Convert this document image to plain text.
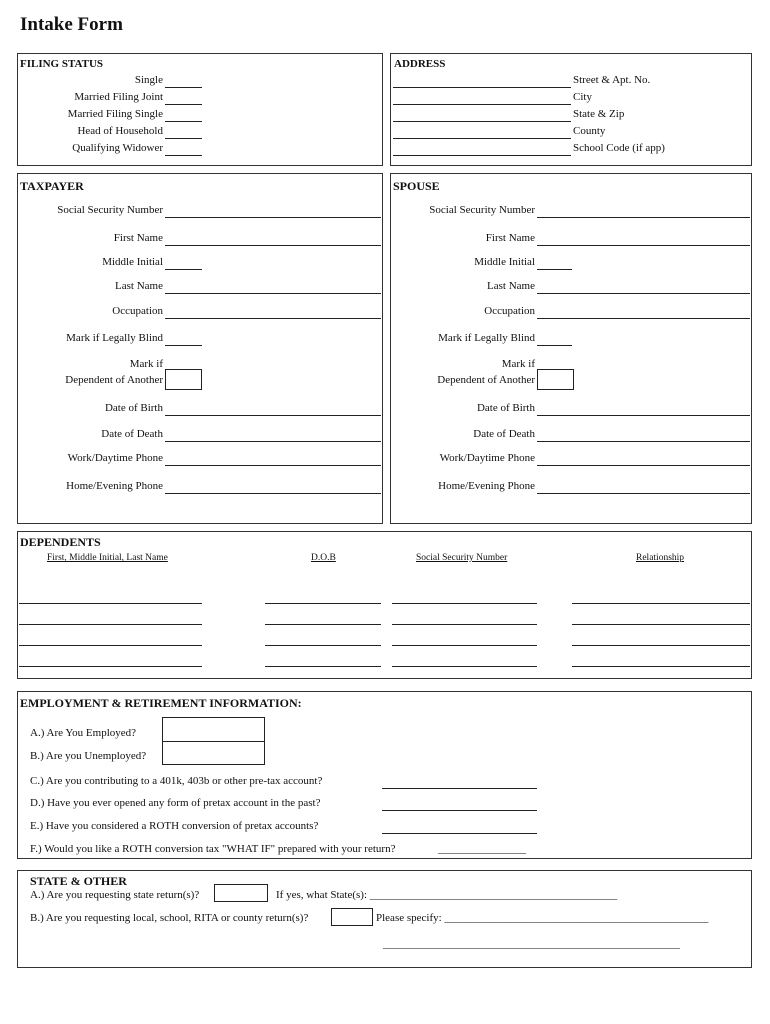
Intake Form
FILING STATUS
Single
Married Filing Joint
Married Filing Single
Head of Household
Qualifying Widower
ADDRESS
Street & Apt. No.
City
State & Zip
County
School Code (if app)
TAXPAYER
Social Security Number
First Name
Middle Initial
Last Name
Occupation
Mark if Legally Blind
Mark if
Dependent of Another
Date of Birth
Date of Death
Work/Daytime Phone
Home/Evening Phone
SPOUSE
Social Security Number
First Name
Middle Initial
Last Name
Occupation
Mark if Legally Blind
Mark if
Dependent of Another
Date of Birth
Date of Death
Work/Daytime Phone
Home/Evening Phone
DEPENDENTS
First, Middle Initial, Last Name	D.O.B	Social Security Number	Relationship
EMPLOYMENT & RETIREMENT INFORMATION:
A.) Are You Employed?
B.) Are you Unemployed?
C.) Are you contributing to a 401k, 403b or other pre-tax account?
D.) Have you ever opened any form of pretax account in the past?
E.) Have you considered a ROTH conversion of pretax accounts?
F.) Would you like a ROTH conversion tax "WHAT IF" prepared with your return?	________________
STATE & OTHER
A.) Are you requesting state return(s)?	If yes, what State(s): _____________________________________________
B.) Are you requesting local, school, RITA or county return(s)?	Please specify: ________________________________________________
______________________________________________________
